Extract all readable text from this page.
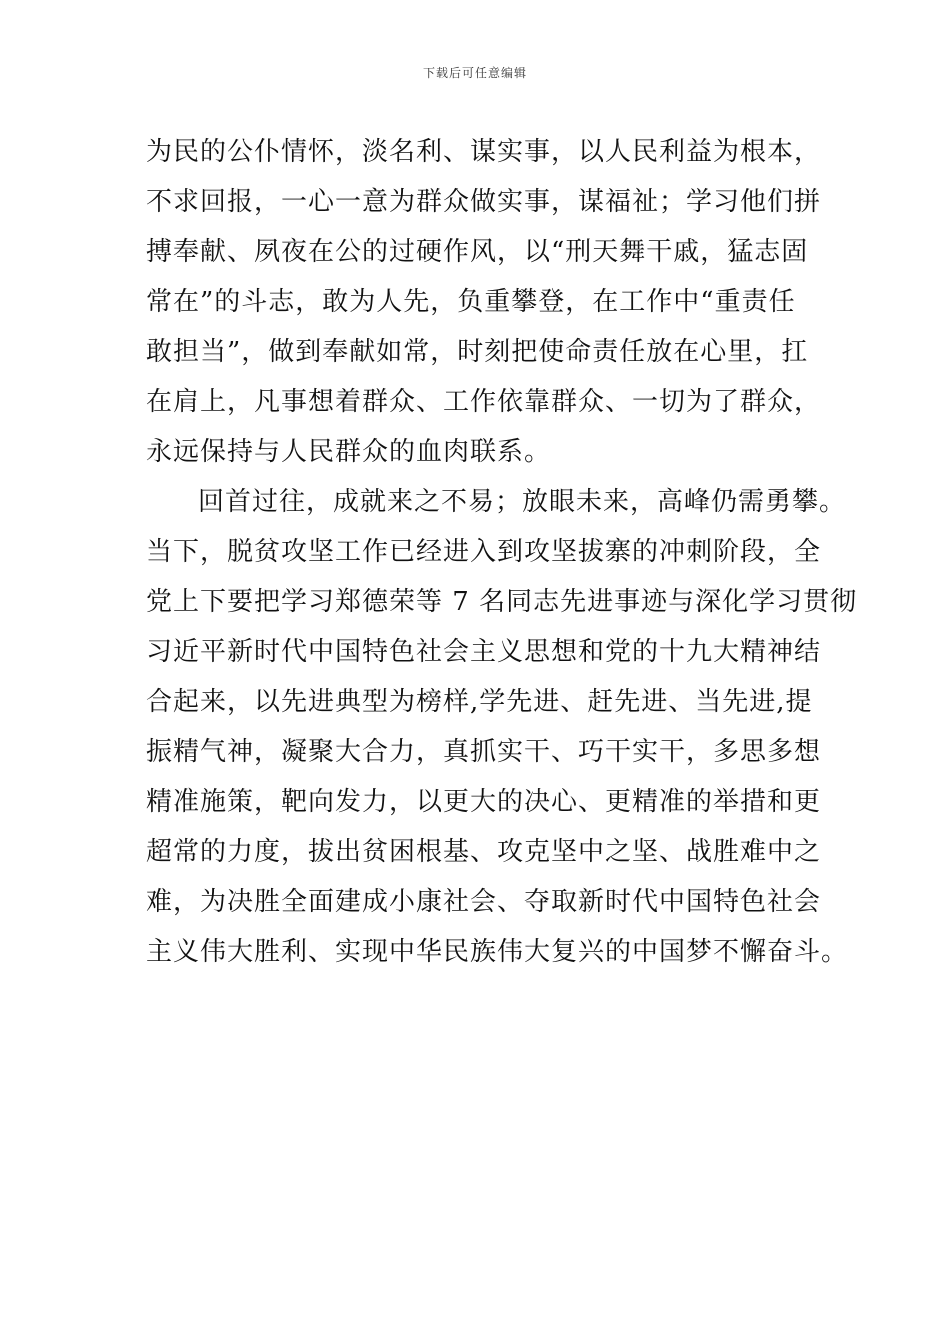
下载后可任意编辑
为民的公仆情怀，淡名利、谋实事，以人民利益为根本，
不求回报，一心一意为群众做实事，谋福祉；学习他们拼
搏奉献、夙夜在公的过硬作风，以“刑天舞干戚，猛志固
常在”的斗志，敢为人先，负重攀登，在工作中“重责任
敢担当”，做到奉献如常，时刻把使命责任放在心里，扛
在肩上，凡事想着群众、工作依靠群众、一切为了群众，
永远保持与人民群众的血肉联系。
回首过往，成就来之不易；放眼未来，高峰仍需勇攀。
当下，脱贫攻坚工作已经进入到攻坚拔寨的冲刺阶段，全
党上下要把学习郑德荣等 7 名同志先进事迹与深化学习贯彻
习近平新时代中国特色社会主义思想和党的十九大精神结
合起来，以先进典型为榜样,学先进、赶先进、当先进,提
振精气神，凝聚大合力，真抓实干、巧干实干，多思多想
精准施策，靶向发力，以更大的决心、更精准的举措和更
超常的力度，拔出贫困根基、攻克坚中之坚、战胜难中之
难，为决胜全面建成小康社会、夺取新时代中国特色社会
主义伟大胜利、实现中华民族伟大复兴的中国梦不懈奋斗。
